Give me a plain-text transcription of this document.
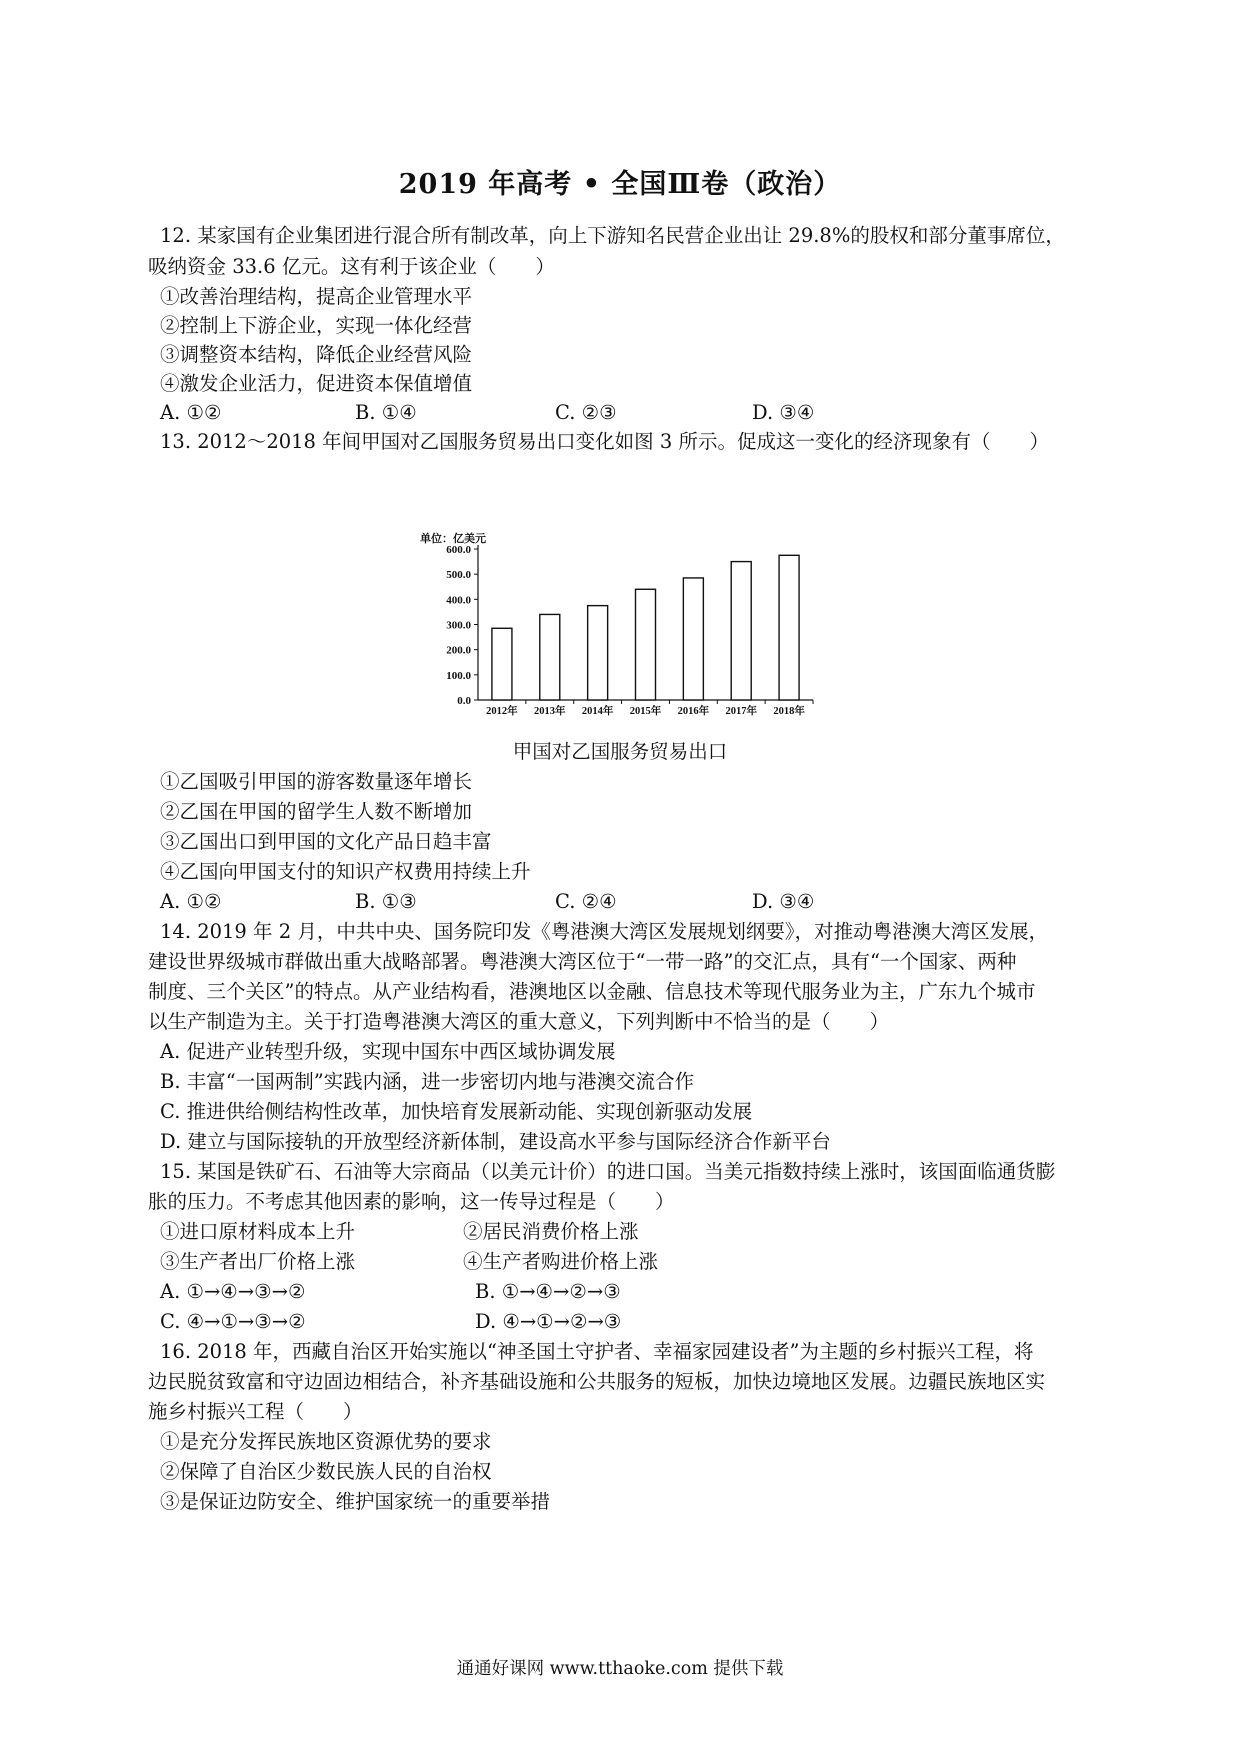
2019 年高考 • 全国Ⅲ卷（政治）
12. 某家国有企业集团进行混合所有制改革，向上下游知名民营企业出让 29.8%的股权和部分董事席位，
吸纳资金 33.6 亿元。这有利于该企业（　　）
①改善治理结构，提高企业管理水平
②控制上下游企业，实现一体化经营
③调整资本结构，降低企业经营风险
④激发企业活力，促进资本保值增值
A. ①②	B. ①④	C. ②③	D. ③④
13. 2012～2018 年间甲国对乙国服务贸易出口变化如图 3 所示。促成这一变化的经济现象有（　　）
单位：亿美元
600.0
500.0
400.0
300.0
200.0
100.0
0.0
2012年 2013年 2014年 2015年 2016年 2017年 2018年
甲国对乙国服务贸易出口
①乙国吸引甲国的游客数量逐年增长
②乙国在甲国的留学生人数不断增加
③乙国出口到甲国的文化产品日趋丰富
④乙国向甲国支付的知识产权费用持续上升
A. ①②	B. ①③	C. ②④	D. ③④
14. 2019 年 2 月，中共中央、国务院印发《粤港澳大湾区发展规划纲要》，对推动粤港澳大湾区发展，
建设世界级城市群做出重大战略部署。粤港澳大湾区位于“一带一路”的交汇点，具有“一个国家、两种
制度、三个关区”的特点。从产业结构看，港澳地区以金融、信息技术等现代服务业为主，广东九个城市
以生产制造为主。关于打造粤港澳大湾区的重大意义，下列判断中不恰当的是（　　）
A. 促进产业转型升级，实现中国东中西区域协调发展
B. 丰富“一国两制”实践内涵，进一步密切内地与港澳交流合作
C. 推进供给侧结构性改革，加快培育发展新动能、实现创新驱动发展
D. 建立与国际接轨的开放型经济新体制，建设高水平参与国际经济合作新平台
15. 某国是铁矿石、石油等大宗商品（以美元计价）的进口国。当美元指数持续上涨时，该国面临通货膨
胀的压力。不考虑其他因素的影响，这一传导过程是（　　）
①进口原材料成本上升	②居民消费价格上涨
③生产者出厂价格上涨	④生产者购进价格上涨
A. ①→④→③→②	B. ①→④→②→③
C. ④→①→③→②	D. ④→①→②→③
16. 2018 年，西藏自治区开始实施以“神圣国土守护者、幸福家园建设者”为主题的乡村振兴工程，将
边民脱贫致富和守边固边相结合，补齐基础设施和公共服务的短板，加快边境地区发展。边疆民族地区实
施乡村振兴工程（　　）
①是充分发挥民族地区资源优势的要求
②保障了自治区少数民族人民的自治权
③是保证边防安全、维护国家统一的重要举措
通通好课网 www.tthaoke.com 提供下载
